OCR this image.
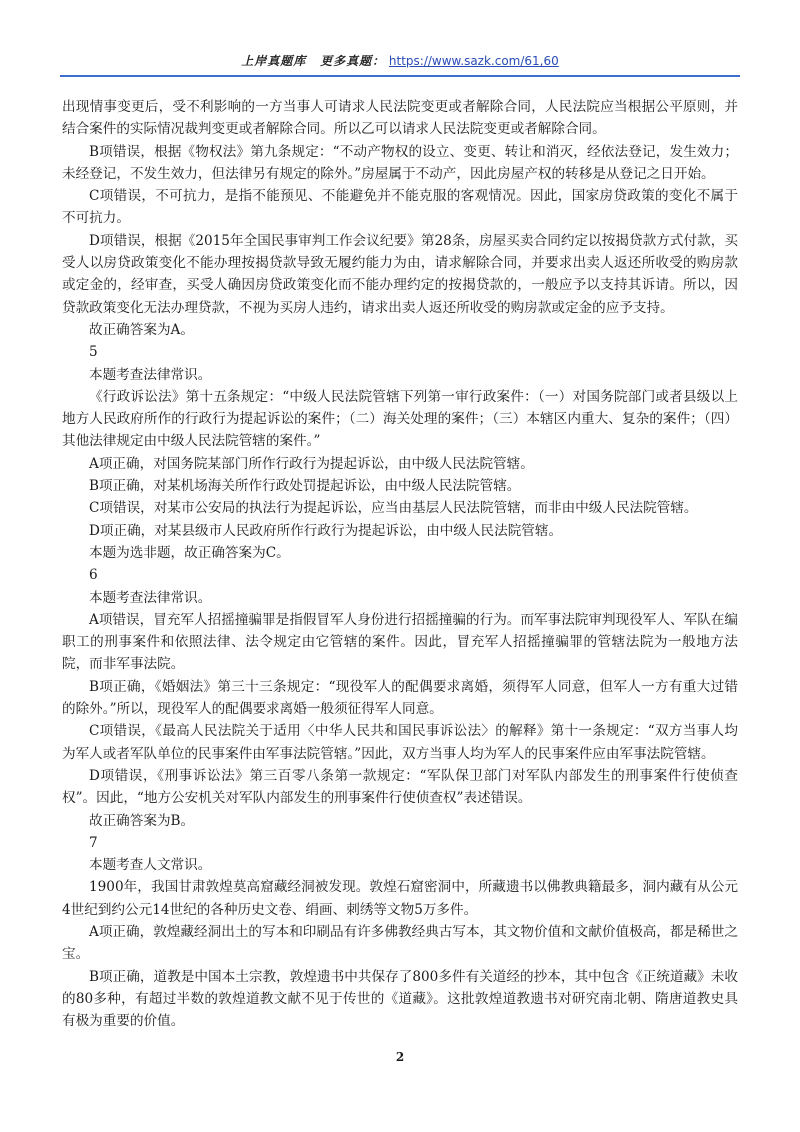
上岸真题库 更多真题： https://www.sazk.com/61,60

出现情事变更后，受不利影响的一方当事人可请求人民法院变更或者解除合同，人民法院应当根据公平原则，并结合案件的实际情况裁判变更或者解除合同。所以乙可以请求人民法院变更或者解除合同。

B项错误，根据《物权法》第九条规定：“不动产物权的设立、变更、转让和消灭，经依法登记，发生效力；未经登记，不发生效力，但法律另有规定的除外。”房屋属于不动产，因此房屋产权的转移是从登记之日开始。

C项错误，不可抗力，是指不能预见、不能避免并不能克服的客观情况。因此，国家房贷政策的变化不属于不可抗力。

D项错误，根据《2015年全国民事审判工作会议纪要》第28条，房屋买卖合同约定以按揭贷款方式付款，买受人以房贷政策变化不能办理按揭贷款导致无履约能力为由，请求解除合同，并要求出卖人返还所收受的购房款或定金的，经审查，买受人确因房贷政策变化而不能办理约定的按揭贷款的，一般应予以支持其诉请。所以，因贷款政策变化无法办理贷款，不视为买房人违约，请求出卖人返还所收受的购房款或定金的应予支持。

故正确答案为A。

5

本题考查法律常识。

《行政诉讼法》第十五条规定：“中级人民法院管辖下列第一审行政案件：（一）对国务院部门或者县级以上地方人民政府所作的行政行为提起诉讼的案件；（二）海关处理的案件；（三）本辖区内重大、复杂的案件；（四）其他法律规定由中级人民法院管辖的案件。”

A项正确，对国务院某部门所作行政行为提起诉讼，由中级人民法院管辖。

B项正确，对某机场海关所作行政处罚提起诉讼，由中级人民法院管辖。

C项错误，对某市公安局的执法行为提起诉讼，应当由基层人民法院管辖，而非由中级人民法院管辖。

D项正确，对某县级市人民政府所作行政行为提起诉讼，由中级人民法院管辖。

本题为选非题，故正确答案为C。

6

本题考查法律常识。

A项错误，冒充军人招摇撞骗罪是指假冒军人身份进行招摇撞骗的行为。而军事法院审判现役军人、军队在编职工的刑事案件和依照法律、法令规定由它管辖的案件。因此，冒充军人招摇撞骗罪的管辖法院为一般地方法院，而非军事法院。

B项正确，《婚姻法》第三十三条规定：“现役军人的配偶要求离婚，须得军人同意，但军人一方有重大过错的除外。”所以，现役军人的配偶要求离婚一般须征得军人同意。

C项错误，《最高人民法院关于适用〈中华人民共和国民事诉讼法〉的解释》第十一条规定：“双方当事人均为军人或者军队单位的民事案件由军事法院管辖。”因此，双方当事人均为军人的民事案件应由军事法院管辖。

D项错误，《刑事诉讼法》第三百零八条第一款规定：“军队保卫部门对军队内部发生的刑事案件行使侦查权”。因此，“地方公安机关对军队内部发生的刑事案件行使侦查权”表述错误。

故正确答案为B。

7

本题考查人文常识。

1900年，我国甘肃敦煌莫高窟藏经洞被发现。敦煌石窟密洞中，所藏遗书以佛教典籍最多，洞内藏有从公元4世纪到约公元14世纪的各种历史文卷、绢画、刺绣等文物5万多件。

A项正确，敦煌藏经洞出土的写本和印刷品有许多佛教经典古写本，其文物价值和文献价值极高，都是稀世之宝。

B项正确，道教是中国本土宗教，敦煌遗书中共保存了800多件有关道经的抄本，其中包含《正统道藏》未收的80多种，有超过半数的敦煌道教文献不见于传世的《道藏》。这批敦煌道教遗书对研究南北朝、隋唐道教史具有极为重要的价值。

2
